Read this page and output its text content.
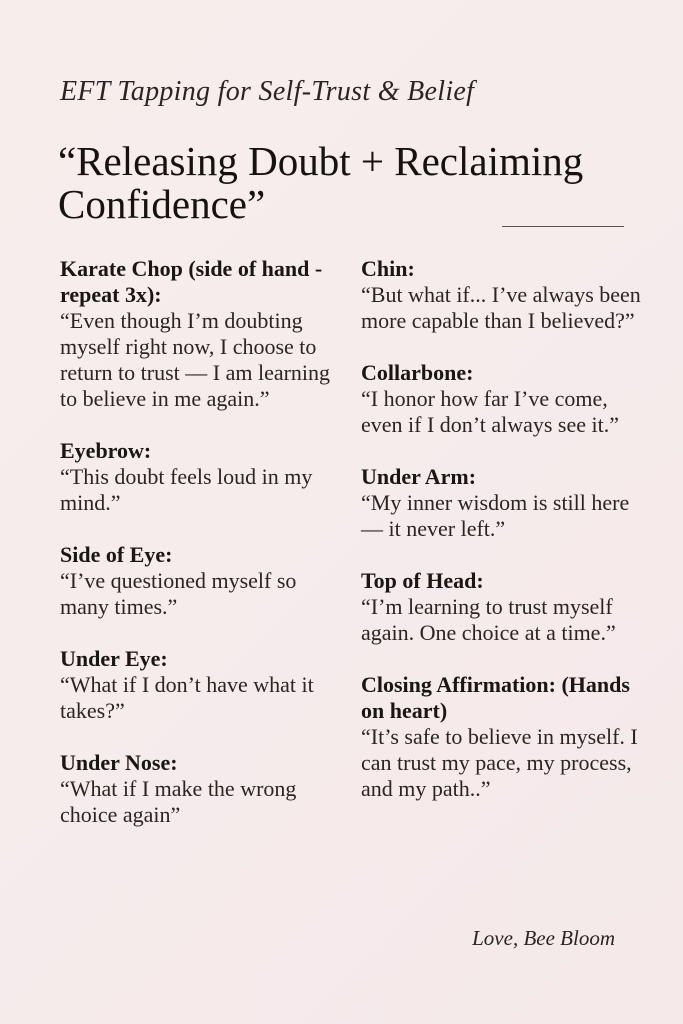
EFT Tapping for Self-Trust & Belief
“Releasing Doubt + Reclaiming Confidence”
Karate Chop (side of hand - repeat 3x):
“Even though I’m doubting myself right now, I choose to return to trust — I am learning to believe in me again.”
Eyebrow:
“This doubt feels loud in my mind.”
Side of Eye:
“I’ve questioned myself so many times.”
Under Eye:
“What if I don’t have what it takes?”
Under Nose:
“What if I make the wrong choice again”
Chin:
“But what if... I’ve always been more capable than I believed?”
Collarbone:
“I honor how far I’ve come, even if I don’t always see it.”
Under Arm:
“My inner wisdom is still here — it never left.”
Top of Head:
“I’m learning to trust myself again. One choice at a time.”
Closing Affirmation: (Hands on heart)
“It’s safe to believe in myself. I can trust my pace, my process, and my path..”
Love, Bee Bloom
